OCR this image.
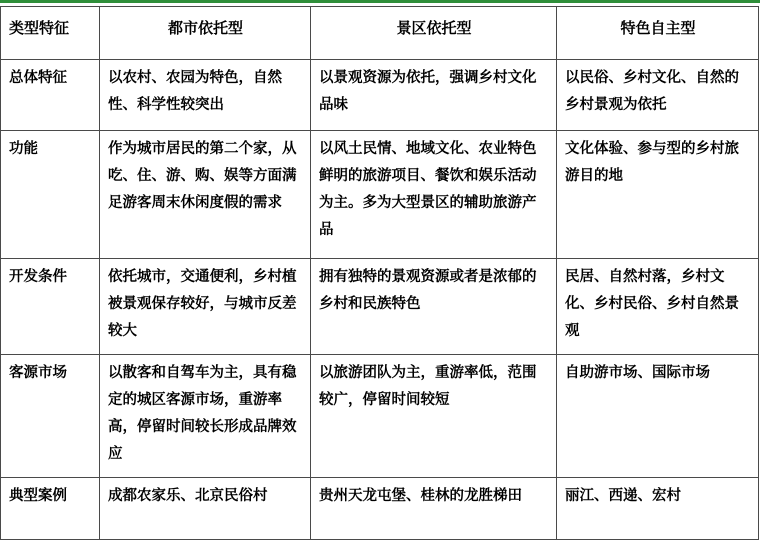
类型特征	都市依托型	景区依托型	特色自主型
总体特征	以农村、农园为特色，自然性、科学性较突出	以景观资源为依托，强调乡村文化品味	以民俗、乡村文化、自然的乡村景观为依托
功能	作为城市居民的第二个家，从吃、住、游、购、娱等方面满足游客周末休闲度假的需求	以风土民情、地域文化、农业特色鲜明的旅游项目、餐饮和娱乐活动为主。多为大型景区的辅助旅游产品	文化体验、参与型的乡村旅游目的地
开发条件	依托城市，交通便利，乡村植被景观保存较好，与城市反差较大	拥有独特的景观资源或者是浓郁的乡村和民族特色	民居、自然村落，乡村文化、乡村民俗、乡村自然景观
客源市场	以散客和自驾车为主，具有稳定的城区客源市场，重游率高，停留时间较长形成品牌效应	以旅游团队为主，重游率低，范围较广，停留时间较短	自助游市场、国际市场
典型案例	成都农家乐、北京民俗村	贵州天龙屯堡、桂林的龙胜梯田	丽江、西递、宏村
